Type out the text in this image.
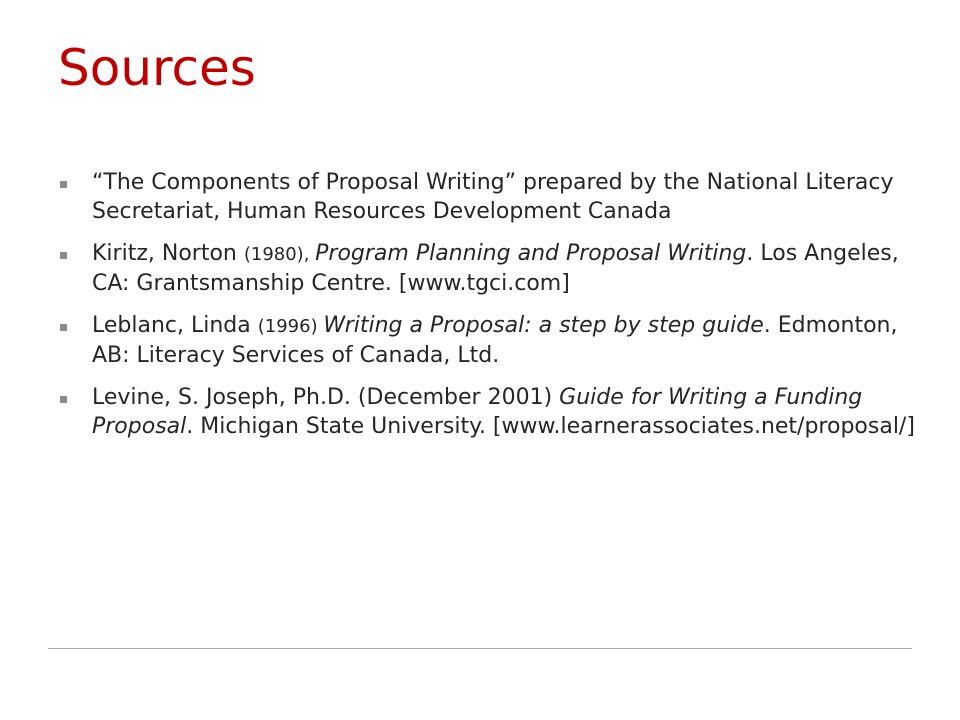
Sources
“The Components of Proposal Writing” prepared by the National Literacy Secretariat, Human Resources Development Canada
Kiritz, Norton (1980), Program Planning and Proposal Writing. Los Angeles, CA: Grantsmanship Centre. [www.tgci.com]
Leblanc, Linda (1996) Writing a Proposal: a step by step guide. Edmonton, AB: Literacy Services of Canada, Ltd.
Levine, S. Joseph, Ph.D. (December 2001) Guide for Writing a Funding Proposal. Michigan State University. [www.learnerassociates.net/proposal/]
